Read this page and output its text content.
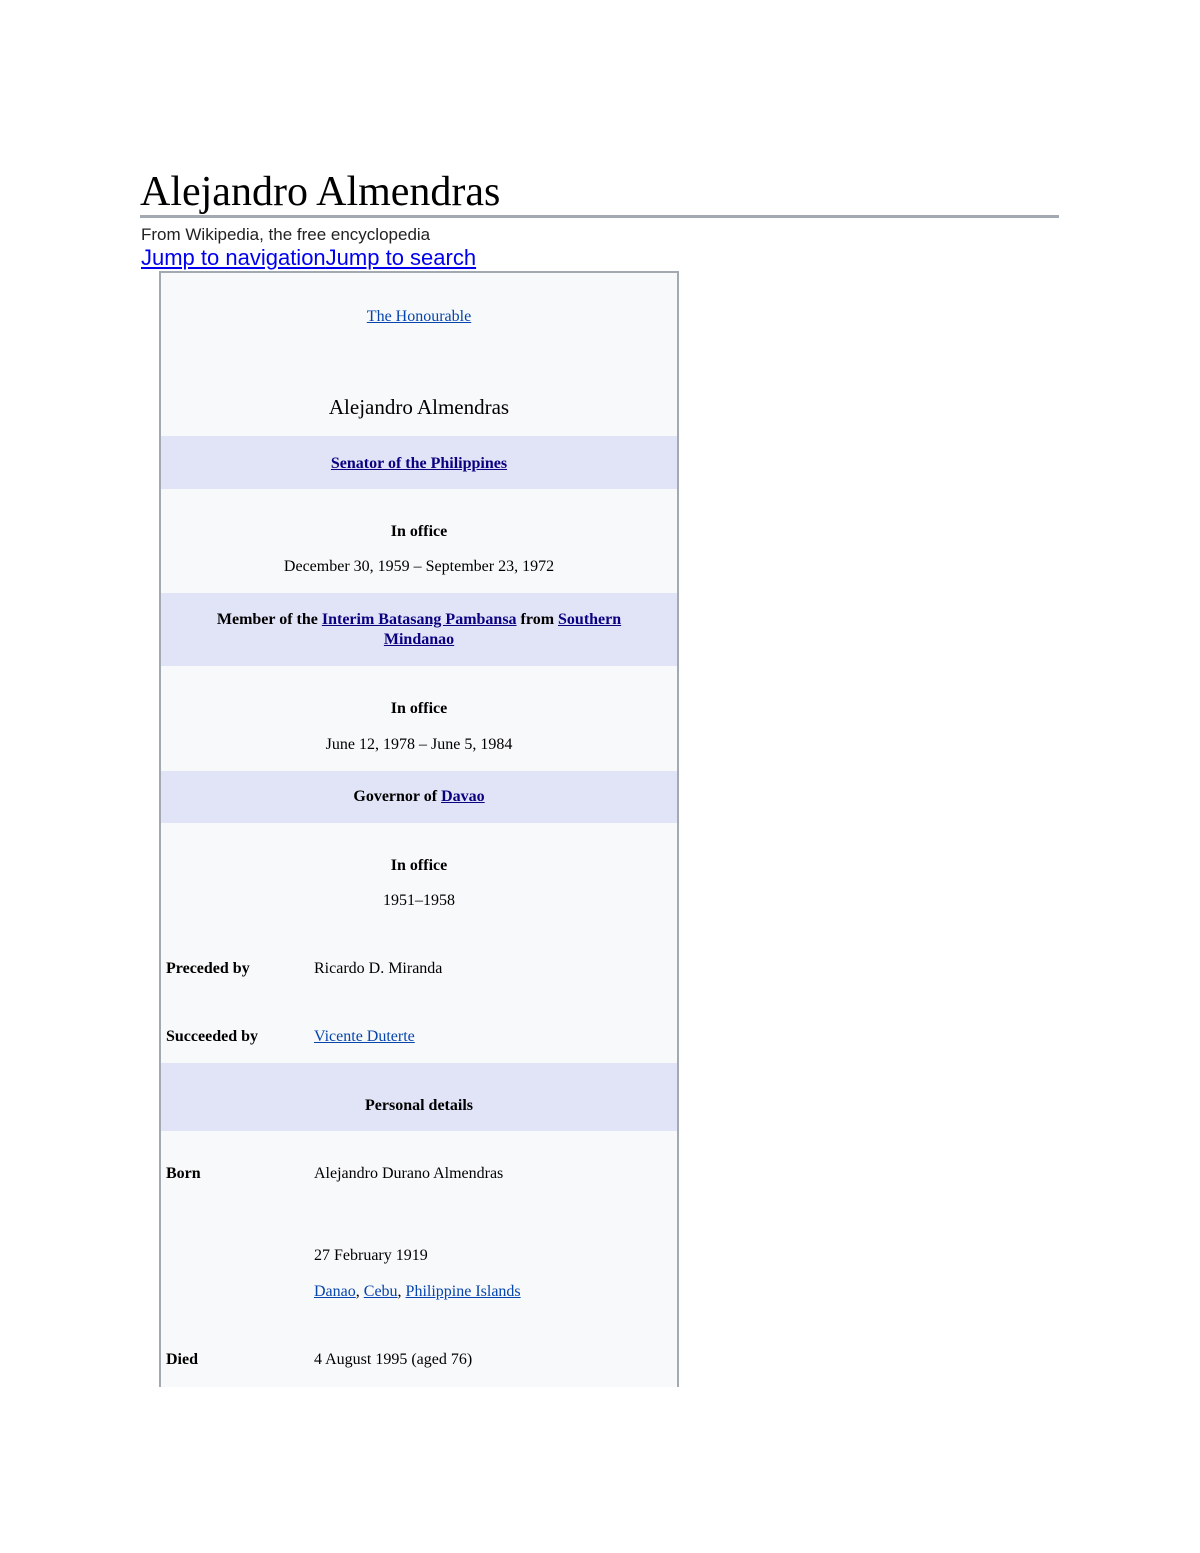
Alejandro Almendras
From Wikipedia, the free encyclopedia
Jump to navigationJump to search
The Honourable
Alejandro Almendras
Senator of the Philippines
In office
December 30, 1959 – September 23, 1972
Member of the Interim Batasang Pambansa from Southern Mindanao
In office
June 12, 1978 – June 5, 1984
Governor of Davao
In office
1951–1958
Preceded by	Ricardo D. Miranda
Succeeded by	Vicente Duterte
Personal details
Born	Alejandro Durano Almendras
27 February 1919
Danao, Cebu, Philippine Islands
Died	4 August 1995 (aged 76)
